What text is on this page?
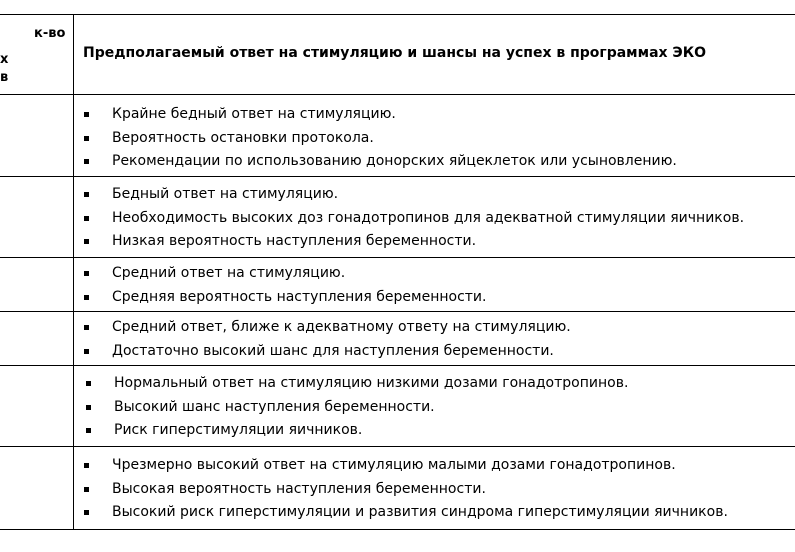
к-во
х
в
Предполагаемый ответ на стимуляцию и шансы на успех в программах ЭКО
Крайне бедный ответ на стимуляцию.
Вероятность остановки протокола.
Рекомендации по использованию донорских яйцеклеток или усыновлению.
Бедный ответ на стимуляцию.
Необходимость высоких доз гонадотропинов для адекватной стимуляции яичников.
Низкая вероятность наступления беременности.
Средний ответ на стимуляцию.
Средняя вероятность наступления беременности.
Средний ответ, ближе к адекватному ответу на стимуляцию.
Достаточно высокий шанс для наступления беременности.
Нормальный ответ на стимуляцию низкими дозами гонадотропинов.
Высокий шанс наступления беременности.
Риск гиперстимуляции яичников.
Чрезмерно высокий ответ на стимуляцию малыми дозами гонадотропинов.
Высокая вероятность наступления беременности.
Высокий риск гиперстимуляции и развития синдрома гиперстимуляции яичников.
